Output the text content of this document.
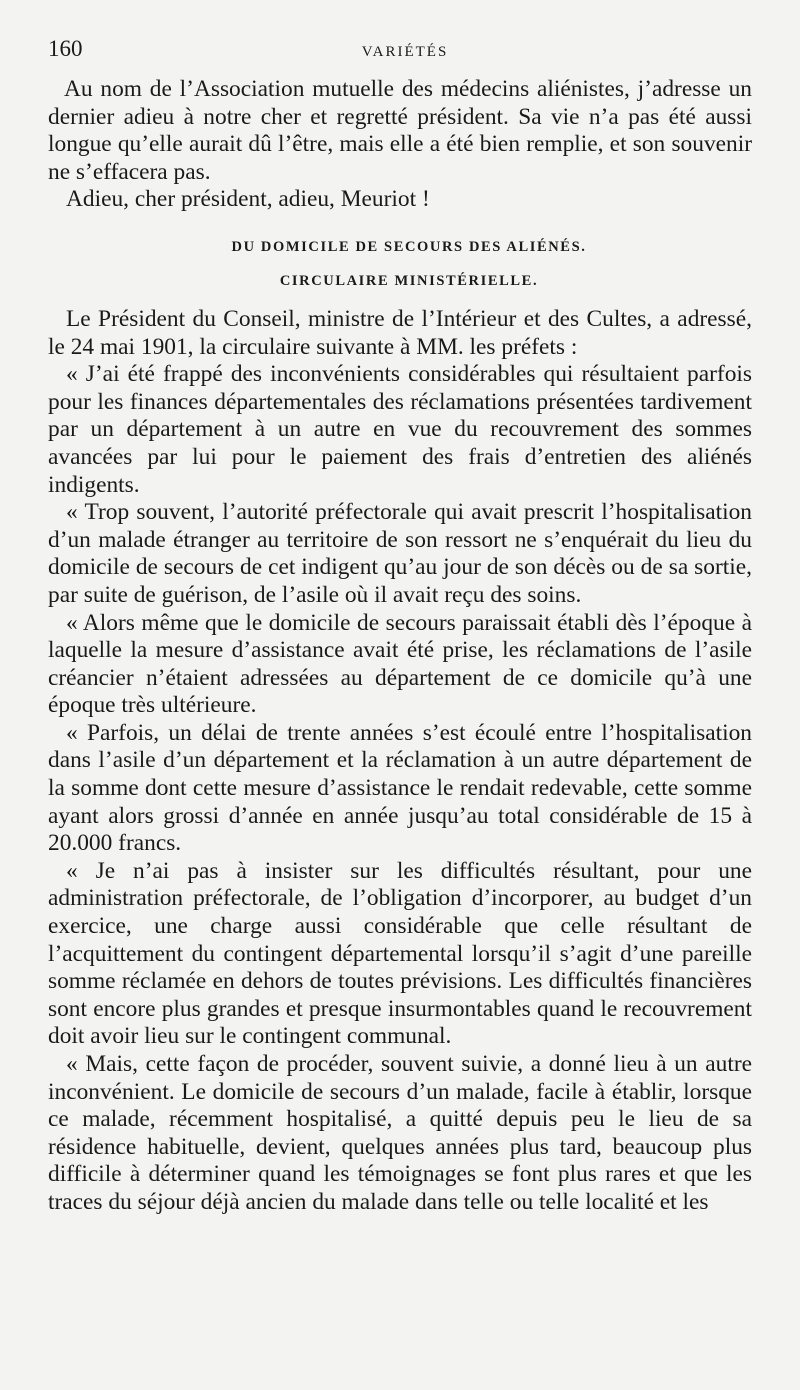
160	VARIÉTÉS

Au nom de l’Association mutuelle des médecins aliénistes, j’adresse un dernier adieu à notre cher et regretté président. Sa vie n’a pas été aussi longue qu’elle aurait dû l’être, mais elle a été bien remplie, et son souvenir ne s’effacera pas.

Adieu, cher président, adieu, Meuriot !

DU DOMICILE DE SECOURS DES ALIÉNÉS.

CIRCULAIRE MINISTÉRIELLE.

Le Président du Conseil, ministre de l’Intérieur et des Cultes, a adressé, le 24 mai 1901, la circulaire suivante à MM. les préfets :

« J’ai été frappé des inconvénients considérables qui résultaient parfois pour les finances départementales des réclamations présentées tardivement par un département à un autre en vue du recouvrement des sommes avancées par lui pour le paiement des frais d’entretien des aliénés indigents.

« Trop souvent, l’autorité préfectorale qui avait prescrit l’hospitalisation d’un malade étranger au territoire de son ressort ne s’enquérait du lieu du domicile de secours de cet indigent qu’au jour de son décès ou de sa sortie, par suite de guérison, de l’asile où il avait reçu des soins.

« Alors même que le domicile de secours paraissait établi dès l’époque à laquelle la mesure d’assistance avait été prise, les réclamations de l’asile créancier n’étaient adressées au département de ce domicile qu’à une époque très ultérieure.

« Parfois, un délai de trente années s’est écoulé entre l’hospitalisation dans l’asile d’un département et la réclamation à un autre département de la somme dont cette mesure d’assistance le rendait redevable, cette somme ayant alors grossi d’année en année jusqu’au total considérable de 15 à 20.000 francs.

« Je n’ai pas à insister sur les difficultés résultant, pour une administration préfectorale, de l’obligation d’incorporer, au budget d’un exercice, une charge aussi considérable que celle résultant de l’acquittement du contingent départemental lorsqu’il s’agit d’une pareille somme réclamée en dehors de toutes prévisions. Les difficultés financières sont encore plus grandes et presque insurmontables quand le recouvrement doit avoir lieu sur le contingent communal.

« Mais, cette façon de procéder, souvent suivie, a donné lieu à un autre inconvénient. Le domicile de secours d’un malade, facile à établir, lorsque ce malade, récemment hospitalisé, a quitté depuis peu le lieu de sa résidence habituelle, devient, quelques années plus tard, beaucoup plus difficile à déterminer quand les témoignages se font plus rares et que les traces du séjour déjà ancien du malade dans telle ou telle localité et les
